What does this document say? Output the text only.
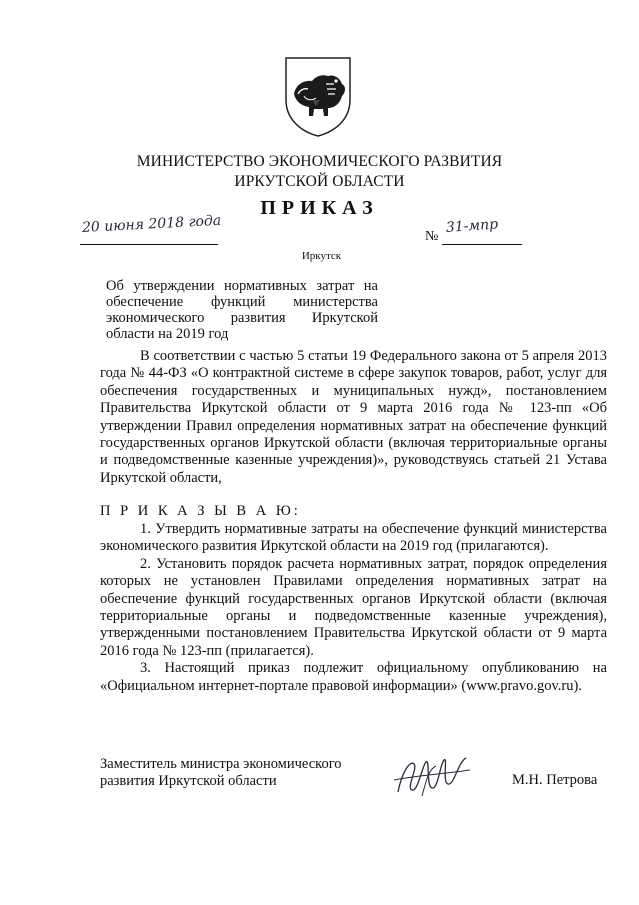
МИНИСТЕРСТВО ЭКОНОМИЧЕСКОГО РАЗВИТИЯ
ИРКУТСКОЙ ОБЛАСТИ
ПРИКАЗ
20 июня 2018 года
№
31-мпр
Иркутск
Об утверждении нормативных затрат на обеспечение функций министерства экономического развития Иркутской области на 2019 год
В соответствии с частью 5 статьи 19 Федерального закона от 5 апреля 2013 года № 44-ФЗ «О контрактной системе в сфере закупок товаров, работ, услуг для обеспечения государственных и муниципальных нужд», постановлением Правительства Иркутской области от 9 марта 2016 года № 123-пп «Об утверждении Правил определения нормативных затрат на обеспечение функций государственных органов Иркутской области (включая территориальные органы и подведомственные казенные учреждения)», руководствуясь статьей 21 Устава Иркутской области,
П Р И К А З Ы В А Ю:

1. Утвердить нормативные затраты на обеспечение функций министерства экономического развития Иркутской области на 2019 год (прилагаются).

2. Установить порядок расчета нормативных затрат, порядок определения которых не установлен Правилами определения нормативных затрат на обеспечение функций государственных органов Иркутской области (включая территориальные органы и подведомственные казенные учреждения), утвержденными постановлением Правительства Иркутской области от 9 марта 2016 года № 123-пп (прилагается).

3. Настоящий приказ подлежит официальному опубликованию на «Официальном интернет-портале правовой информации» (www.pravo.gov.ru).

Заместитель министра экономического
развития Иркутской области	М.Н. Петрова
